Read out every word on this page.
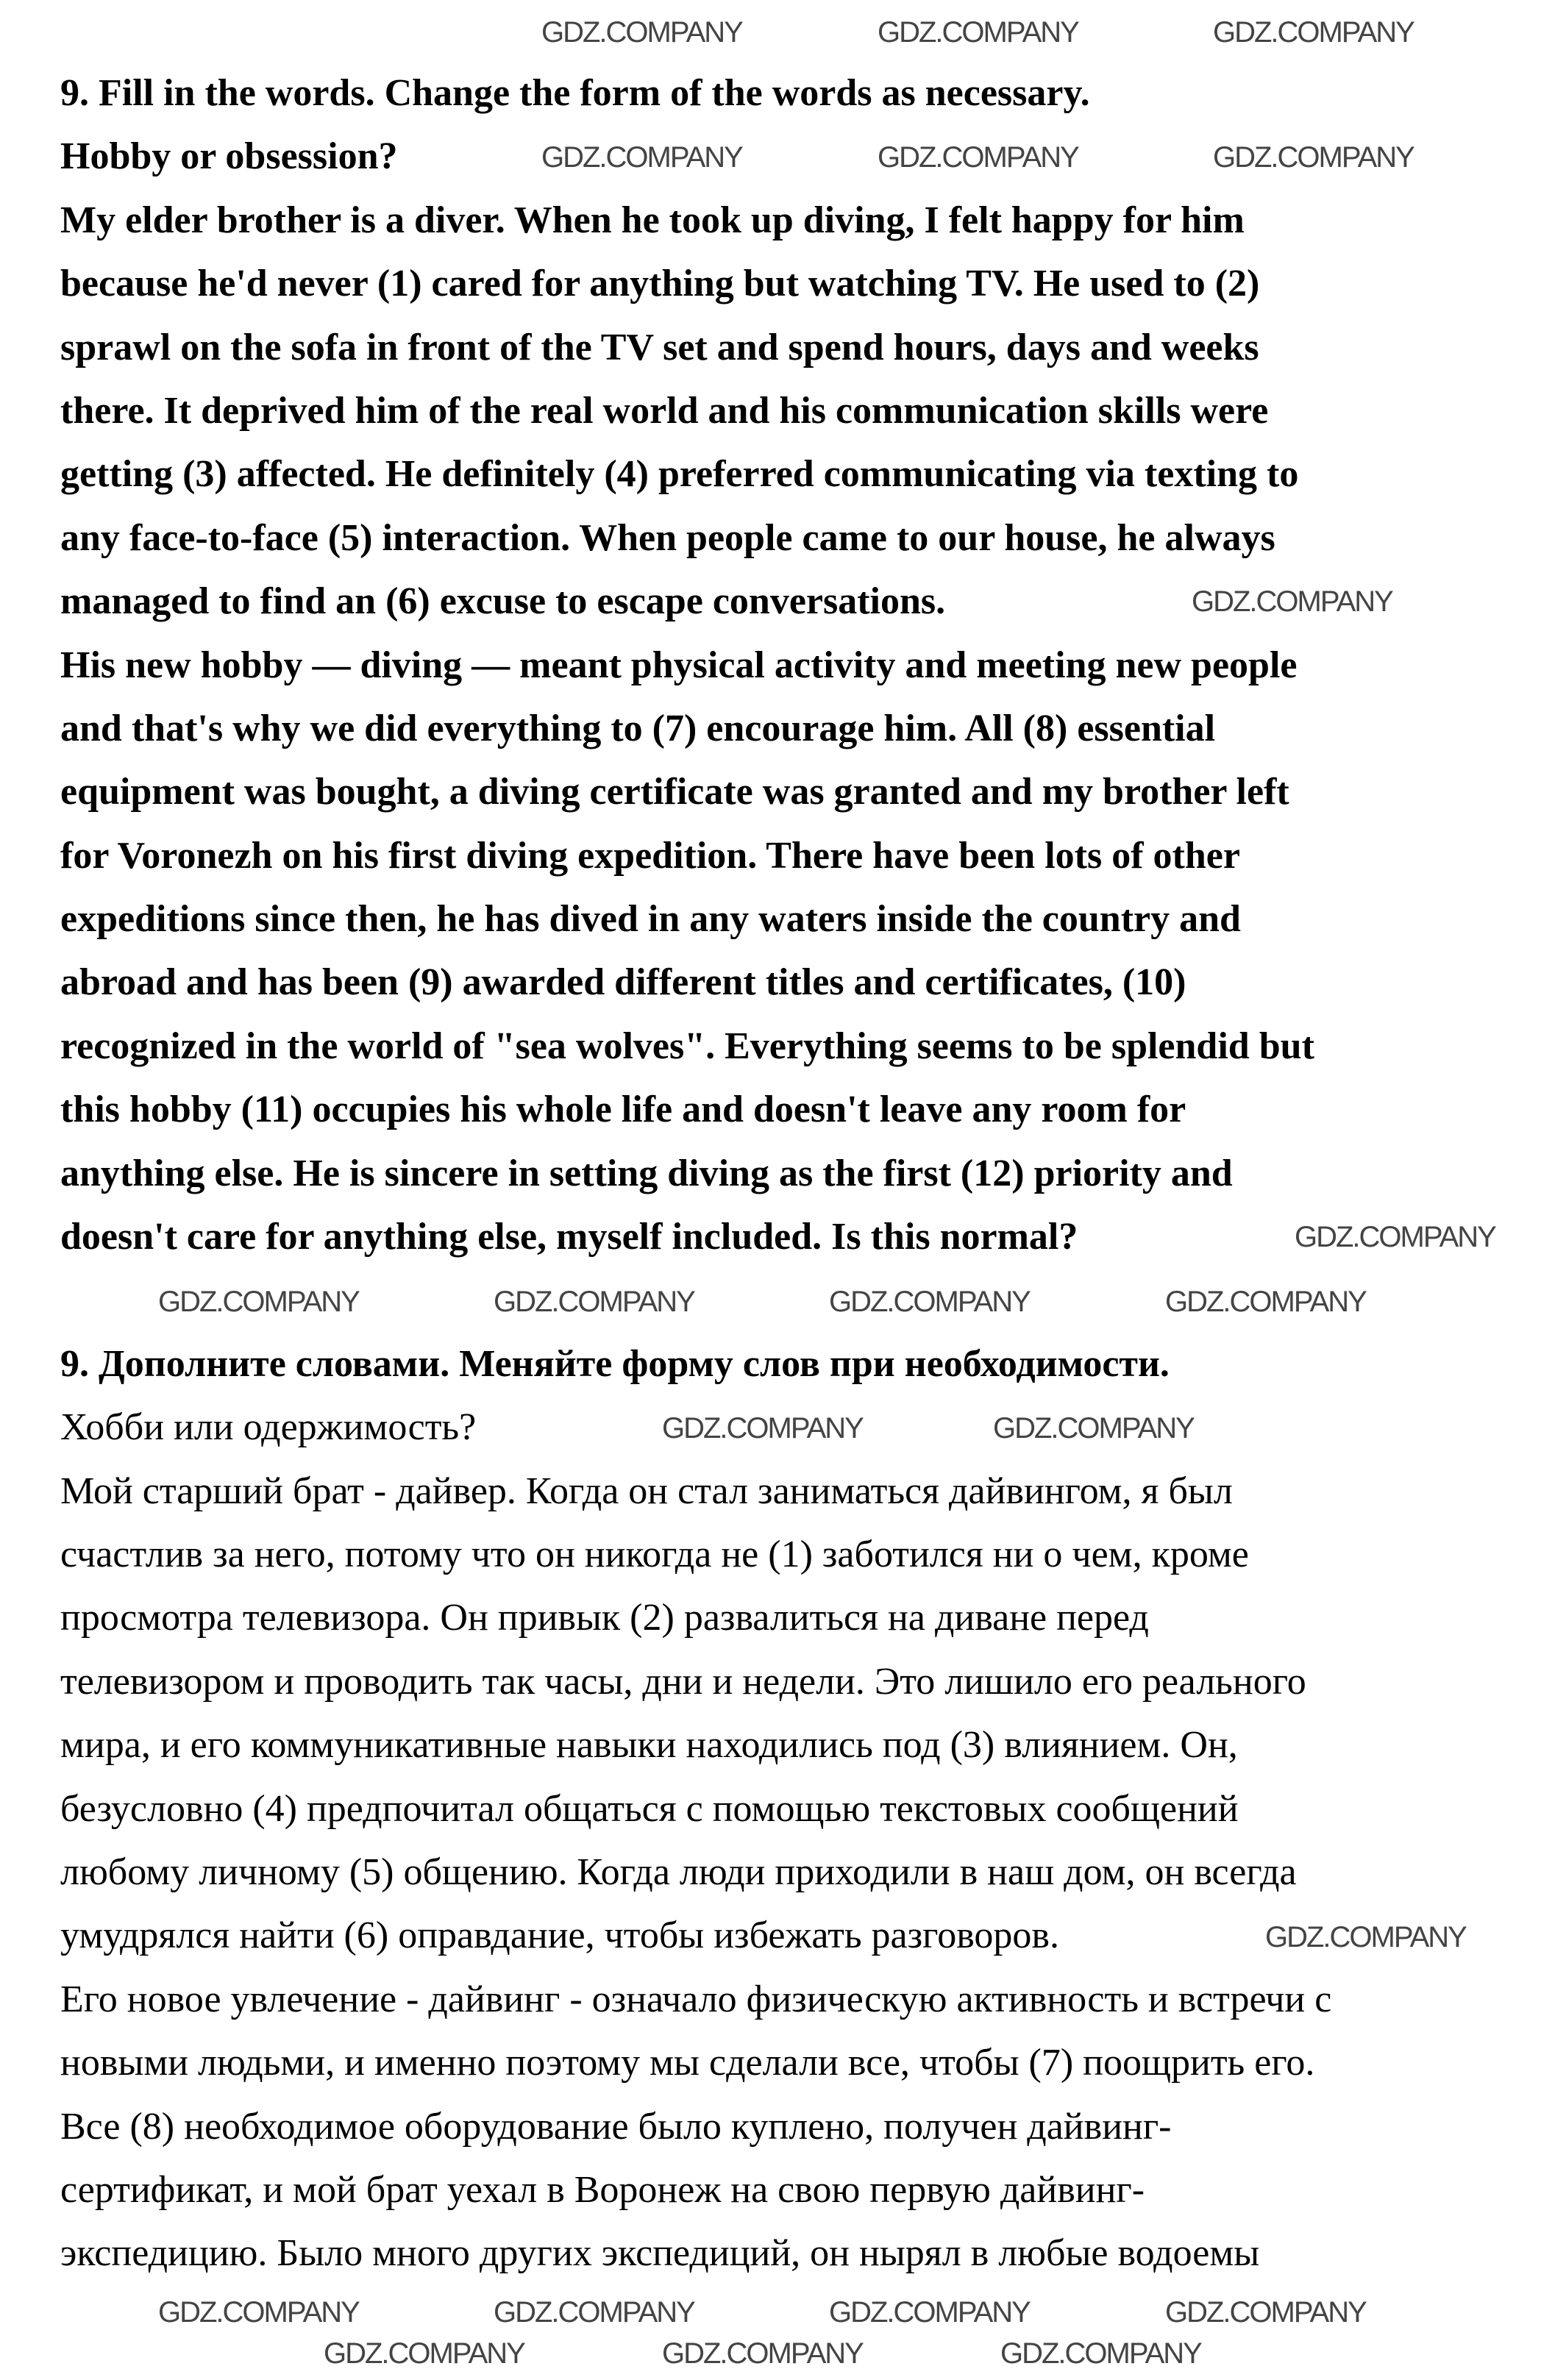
9. Fill in the words. Change the form of the words as necessary.
Hobby or obsession?
My elder brother is a diver. When he took up diving, I felt happy for him
because he'd never (1) cared for anything but watching TV. He used to (2)
sprawl on the sofa in front of the TV set and spend hours, days and weeks
there. It deprived him of the real world and his communication skills were
getting (3) affected. He definitely (4) preferred communicating via texting to
any face-to-face (5) interaction. When people came to our house, he always
managed to find an (6) excuse to escape conversations.
His new hobby — diving — meant physical activity and meeting new people
and that's why we did everything to (7) encourage him. All (8) essential
equipment was bought, a diving certificate was granted and my brother left
for Voronezh on his first diving expedition. There have been lots of other
expeditions since then, he has dived in any waters inside the country and
abroad and has been (9) awarded different titles and certificates, (10)
recognized in the world of "sea wolves". Everything seems to be splendid but
this hobby (11) occupies his whole life and doesn't leave any room for
anything else. He is sincere in setting diving as the first (12) priority and
doesn't care for anything else, myself included. Is this normal?
9. Дополните словами. Меняйте форму слов при необходимости.
Хобби или одержимость?
Мой старший брат - дайвер. Когда он стал заниматься дайвингом, я был
счастлив за него, потому что он никогда не (1) заботился ни о чем, кроме
просмотра телевизора. Он привык (2) развалиться на диване перед
телевизором и проводить так часы, дни и недели. Это лишило его реального
мира, и его коммуникативные навыки находились под (3) влиянием. Он,
безусловно (4) предпочитал общаться с помощью текстовых сообщений
любому личному (5) общению. Когда люди приходили в наш дом, он всегда
умудрялся найти (6) оправдание, чтобы избежать разговоров.
Его новое увлечение - дайвинг - означало физическую активность и встречи с
новыми людьми, и именно поэтому мы сделали все, чтобы (7) поощрить его.
Все (8) необходимое оборудование было куплено, получен дайвинг-
сертификат, и мой брат уехал в Воронеж на свою первую дайвинг-
экспедицию. Было много других экспедиций, он нырял в любые водоемы
GDZ.COMPANY	GDZ.COMPANY	GDZ.COMPANY
GDZ.COMPANY	GDZ.COMPANY	GDZ.COMPANY
GDZ.COMPANY
GDZ.COMPANY
GDZ.COMPANY	GDZ.COMPANY	GDZ.COMPANY	GDZ.COMPANY
GDZ.COMPANY	GDZ.COMPANY
GDZ.COMPANY
GDZ.COMPANY	GDZ.COMPANY	GDZ.COMPANY	GDZ.COMPANY
GDZ.COMPANY	GDZ.COMPANY	GDZ.COMPANY
